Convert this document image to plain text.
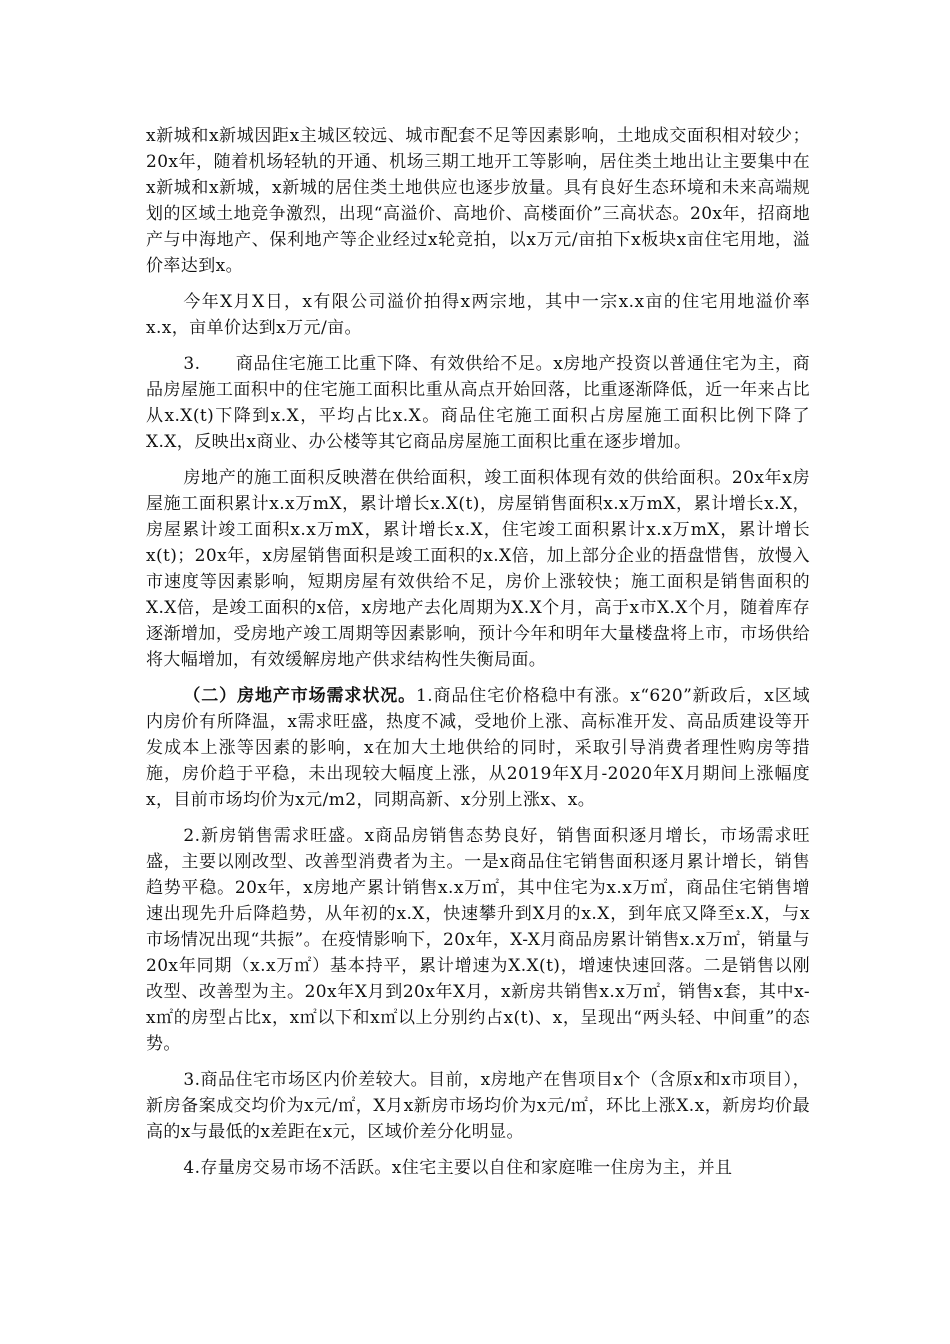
x新城和x新城因距x主城区较远、城市配套不足等因素影响，土地成交面积相对较少；20x年，随着机场轻轨的开通、机场三期工地开工等影响，居住类土地出让主要集中在x新城和x新城，x新城的居住类土地供应也逐步放量。具有良好生态环境和未来高端规划的区域土地竞争激烈，出现“高溢价、高地价、高楼面价”三高状态。20x年，招商地产与中海地产、保利地产等企业经过x轮竞拍，以x万元/亩拍下x板块x亩住宅用地，溢价率达到x。

今年X月X日，x有限公司溢价拍得x两宗地，其中一宗x.x亩的住宅用地溢价率x.x，亩单价达到x万元/亩。

3.　　商品住宅施工比重下降、有效供给不足。x房地产投资以普通住宅为主，商品房屋施工面积中的住宅施工面积比重从高点开始回落，比重逐渐降低，近一年来占比从x.X(t)下降到x.X，平均占比x.X。商品住宅施工面积占房屋施工面积比例下降了X.X，反映出x商业、办公楼等其它商品房屋施工面积比重在逐步增加。

房地产的施工面积反映潜在供给面积，竣工面积体现有效的供给面积。20x年x房屋施工面积累计x.x万mX，累计增长x.X(t)，房屋销售面积x.x万mX，累计增长x.X，房屋累计竣工面积x.x万mX，累计增长x.X，住宅竣工面积累计x.x万mX，累计增长x(t)；20x年，x房屋销售面积是竣工面积的x.X倍，加上部分企业的捂盘惜售，放慢入市速度等因素影响，短期房屋有效供给不足，房价上涨较快；施工面积是销售面积的X.X倍，是竣工面积的x倍，x房地产去化周期为X.X个月，高于x市X.X个月，随着库存逐渐增加，受房地产竣工周期等因素影响，预计今年和明年大量楼盘将上市，市场供给将大幅增加，有效缓解房地产供求结构性失衡局面。

（二）房地产市场需求状况。1.商品住宅价格稳中有涨。x“620”新政后，x区域内房价有所降温，x需求旺盛，热度不减，受地价上涨、高标准开发、高品质建设等开发成本上涨等因素的影响，x在加大土地供给的同时，采取引导消费者理性购房等措施，房价趋于平稳，未出现较大幅度上涨，从2019年X月-2020年X月期间上涨幅度x，目前市场均价为x元/m2，同期高新、x分别上涨x、x。

2.新房销售需求旺盛。x商品房销售态势良好，销售面积逐月增长，市场需求旺盛，主要以刚改型、改善型消费者为主。一是x商品住宅销售面积逐月累计增长，销售趋势平稳。20x年，x房地产累计销售x.x万㎡，其中住宅为x.x万㎡，商品住宅销售增速出现先升后降趋势，从年初的x.X，快速攀升到X月的x.X，到年底又降至x.X，与x市场情况出现“共振”。在疫情影响下，20x年，X-X月商品房累计销售x.x万㎡，销量与20x年同期（x.x万㎡）基本持平，累计增速为X.X(t)，增速快速回落。二是销售以刚改型、改善型为主。20x年X月到20x年X月，x新房共销售x.x万㎡，销售x套，其中x-x㎡的房型占比x，x㎡以下和x㎡以上分别约占x(t)、x，呈现出“两头轻、中间重”的态势。

3.商品住宅市场区内价差较大。目前，x房地产在售项目x个（含原x和x市项目），新房备案成交均价为x元/㎡，X月x新房市场均价为x元/㎡，环比上涨X.x，新房均价最高的x与最低的x差距在x元，区域价差分化明显。

4.存量房交易市场不活跃。x住宅主要以自住和家庭唯一住房为主，并且
